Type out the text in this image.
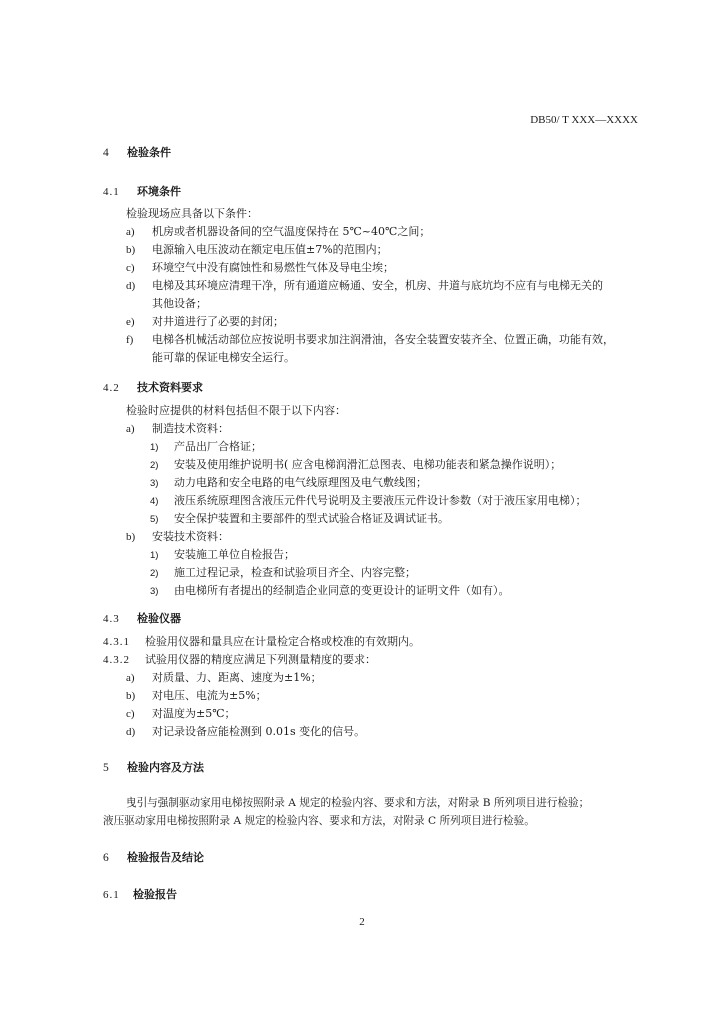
DB50/ T XXX—XXXX
4 检验条件
4.1 环境条件
检验现场应具备以下条件：
a) 机房或者机器设备间的空气温度保持在 5℃~40℃之间；
b) 电源输入电压波动在额定电压值±7%的范围内；
c) 环境空气中没有腐蚀性和易燃性气体及导电尘埃；
d) 电梯及其环境应清理干净，所有通道应畅通、安全，机房、井道与底坑均不应有与电梯无关的
其他设备；
e) 对井道进行了必要的封闭；
f) 电梯各机械活动部位应按说明书要求加注润滑油，各安全装置安装齐全、位置正确，功能有效，
能可靠的保证电梯安全运行。
4.2 技术资料要求
检验时应提供的材料包括但不限于以下内容：
a) 制造技术资料：
1) 产品出厂合格证；
2) 安装及使用维护说明书( 应含电梯润滑汇总图表、电梯功能表和紧急操作说明）；
3) 动力电路和安全电路的电气线原理图及电气敷线图；
4) 液压系统原理图含液压元件代号说明及主要液压元件设计参数（对于液压家用电梯）；
5) 安全保护装置和主要部件的型式试验合格证及调试证书。
b) 安装技术资料：
1) 安装施工单位自检报告；
2) 施工过程记录，检查和试验项目齐全、内容完整；
3) 由电梯所有者提出的经制造企业同意的变更设计的证明文件（如有）。
4.3 检验仪器
4.3.1 检验用仪器和量具应在计量检定合格或校准的有效期内。
4.3.2 试验用仪器的精度应满足下列测量精度的要求：
a) 对质量、力、距离、速度为±1%；
b) 对电压、电流为±5%；
c) 对温度为±5℃；
d) 对记录设备应能检测到 0.01s 变化的信号。
5 检验内容及方法
曳引与强制驱动家用电梯按照附录 A 规定的检验内容、要求和方法，对附录 B 所列项目进行检验；
液压驱动家用电梯按照附录 A 规定的检验内容、要求和方法，对附录 C 所列项目进行检验。
6 检验报告及结论
6.1 检验报告
2
